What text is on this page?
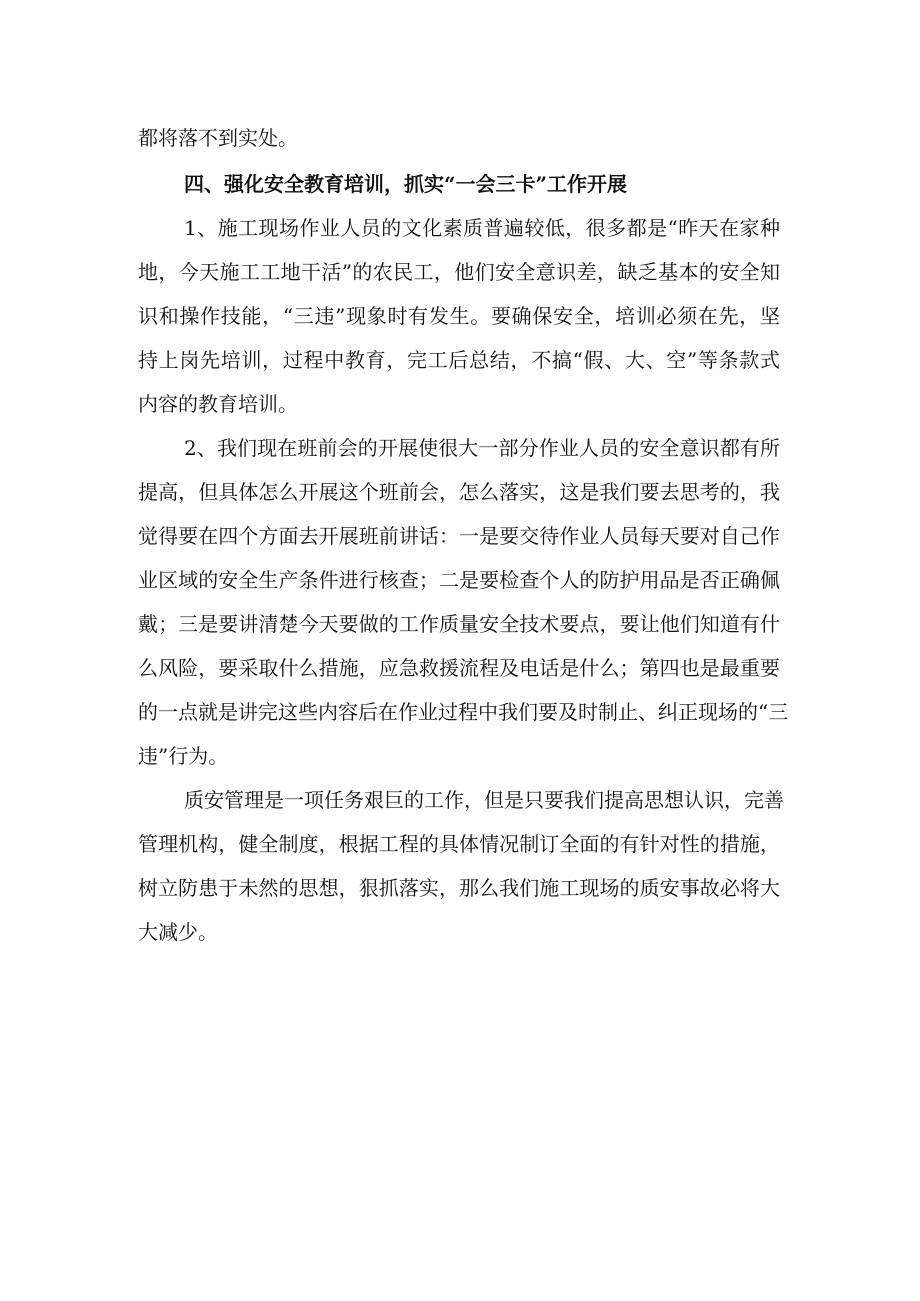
都将落不到实处。

四、强化安全教育培训，抓实“一会三卡”工作开展

1、施工现场作业人员的文化素质普遍较低，很多都是“昨天在家种

地，今天施工工地干活”的农民工，他们安全意识差，缺乏基本的安全知

识和操作技能，“三违”现象时有发生。要确保安全，培训必须在先，坚

持上岗先培训，过程中教育，完工后总结，不搞“假、大、空”等条款式

内容的教育培训。

2、我们现在班前会的开展使很大一部分作业人员的安全意识都有所

提高，但具体怎么开展这个班前会，怎么落实，这是我们要去思考的，我

觉得要在四个方面去开展班前讲话：一是要交待作业人员每天要对自己作

业区域的安全生产条件进行核查；二是要检查个人的防护用品是否正确佩

戴；三是要讲清楚今天要做的工作质量安全技术要点，要让他们知道有什

么风险，要采取什么措施，应急救援流程及电话是什么；第四也是最重要

的一点就是讲完这些内容后在作业过程中我们要及时制止、纠正现场的“三

违”行为。

质安管理是一项任务艰巨的工作，但是只要我们提高思想认识，完善

管理机构，健全制度，根据工程的具体情况制订全面的有针对性的措施，

树立防患于未然的思想，狠抓落实，那么我们施工现场的质安事故必将大

大减少。
